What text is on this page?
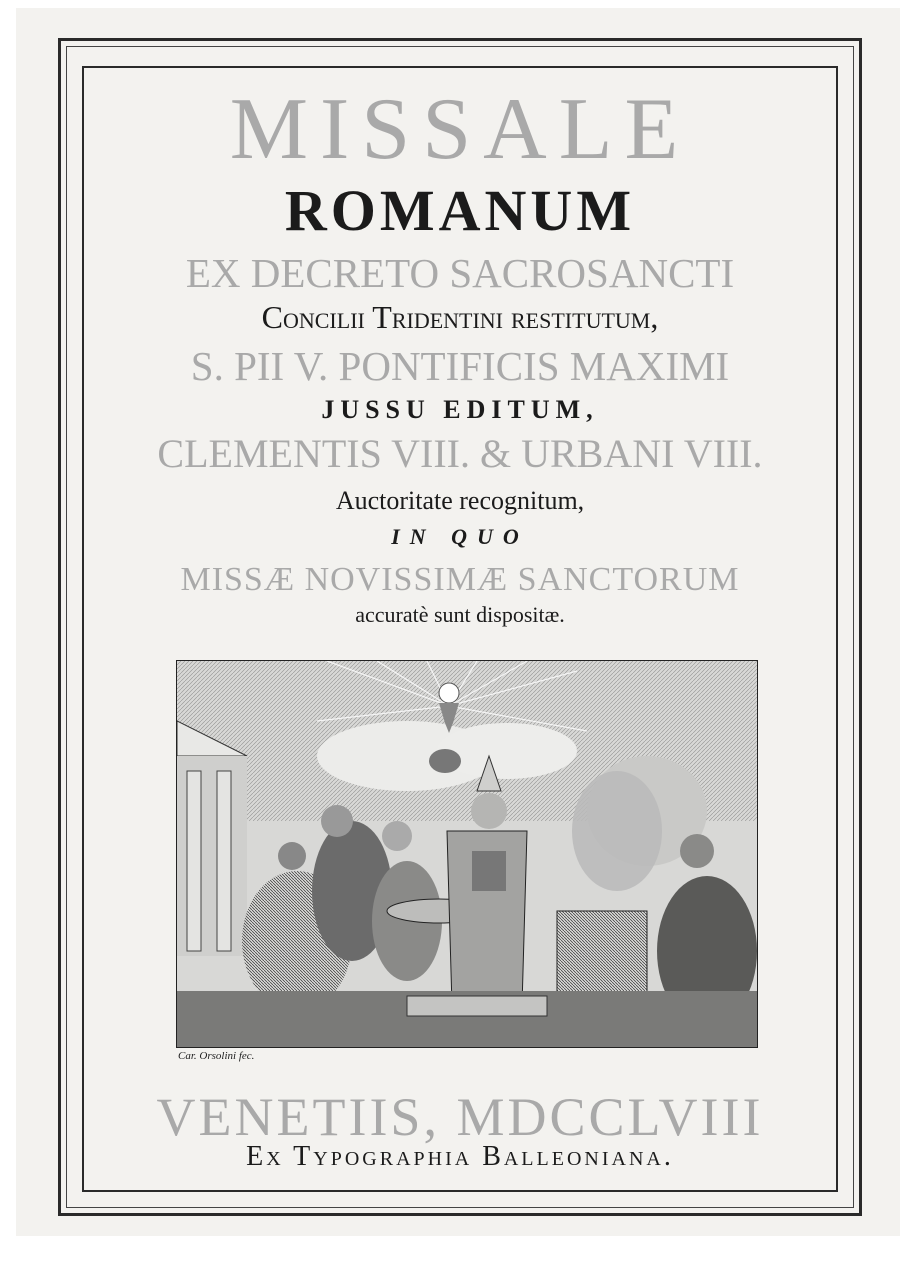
MISSALE
ROMANUM
EX DECRETO SACROSANCTI
Concilii Tridentini restitutum,
S. PII V. PONTIFICIS MAXIMI
JUSSU EDITUM,
CLEMENTIS VIII. & URBANI VIII.
Auctoritate recognitum,
IN QUO
MISSÆ NOVISSIMÆ SANCTORUM
accuratè sunt dispositæ.
Car. Orsolini fec.
VENETIIS, MDCCLVIII
Ex Typographia Balleoniana.
